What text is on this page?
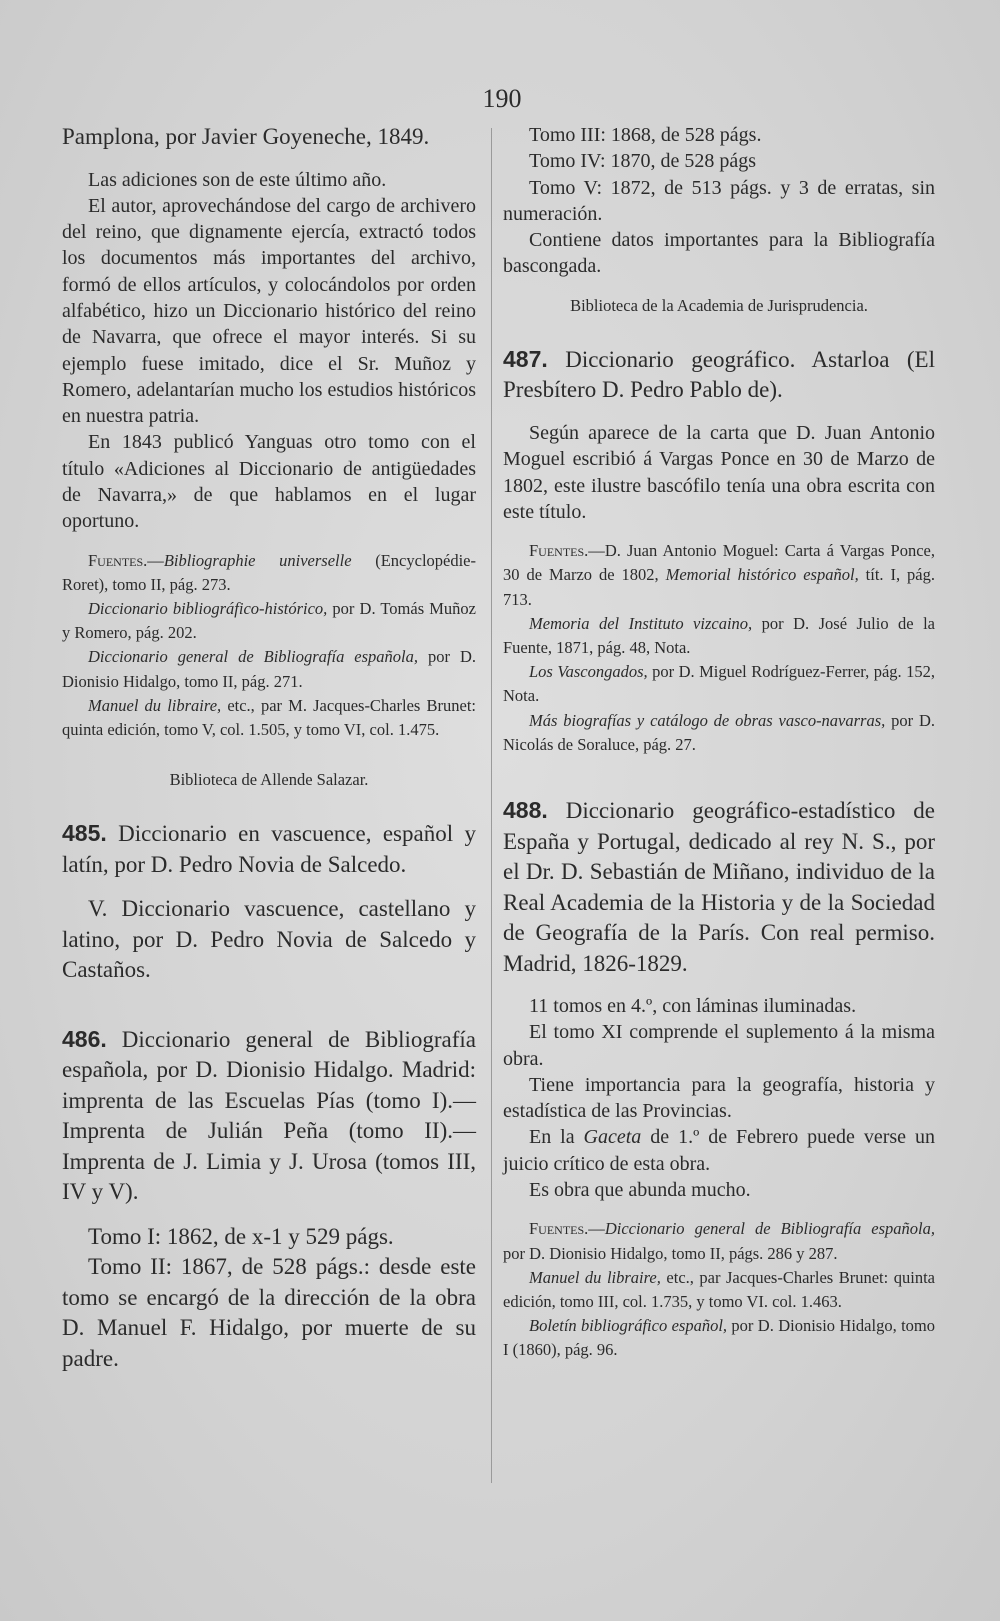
190

Pamplona, por Javier Goyeneche, 1849.

Las adiciones son de este último año.

El autor, aprovechándose del cargo de archivero del reino, que dignamente ejercía, extractó todos los documentos más importantes del archivo, formó de ellos artículos, y colocándolos por orden alfabético, hizo un Diccionario histórico del reino de Navarra, que ofrece el mayor interés. Si su ejemplo fuese imitado, dice el Sr. Muñoz y Romero, adelantarían mucho los estudios históricos en nuestra patria.

En 1843 publicó Yanguas otro tomo con el título «Adiciones al Diccionario de antigüedades de Navarra,» de que hablamos en el lugar oportuno.

Fuentes.—Bibliographie universelle (Encyclopédie-Roret), tomo II, pág. 273.

Diccionario bibliográfico-histórico, por D. Tomás Muñoz y Romero, pág. 202.

Diccionario general de Bibliografía española, por D. Dionisio Hidalgo, tomo II, pág. 271.

Manuel du libraire, etc., par M. Jacques-Charles Brunet: quinta edición, tomo V, col. 1.505, y tomo VI, col. 1.475.

Biblioteca de Allende Salazar.

485. Diccionario en vascuence, español y latín, por D. Pedro Novia de Salcedo.

V. Diccionario vascuence, castellano y latino, por D. Pedro Novia de Salcedo y Castaños.

486. Diccionario general de Bibliografía española, por D. Dionisio Hidalgo. Madrid: imprenta de las Escuelas Pías (tomo I).—Imprenta de Julián Peña (tomo II).—Imprenta de J. Limia y J. Urosa (tomos III, IV y V).

Tomo I: 1862, de x-1 y 529 págs.

Tomo II: 1867, de 528 págs.: desde este tomo se encargó de la dirección de la obra D. Manuel F. Hidalgo, por muerte de su padre.

Tomo III: 1868, de 528 págs.

Tomo IV: 1870, de 528 págs

Tomo V: 1872, de 513 págs. y 3 de erratas, sin numeración.

Contiene datos importantes para la Bibliografía bascongada.

Biblioteca de la Academia de Jurisprudencia.

487. Diccionario geográfico. Astarloa (El Presbítero D. Pedro Pablo de).

Según aparece de la carta que D. Juan Antonio Moguel escribió á Vargas Ponce en 30 de Marzo de 1802, este ilustre bascófilo tenía una obra escrita con este título.

Fuentes.—D. Juan Antonio Moguel: Carta á Vargas Ponce, 30 de Marzo de 1802, Memorial histórico español, tít. I, pág. 713.

Memoria del Instituto vizcaino, por D. José Julio de la Fuente, 1871, pág. 48, Nota.

Los Vascongados, por D. Miguel Rodríguez-Ferrer, pág. 152, Nota.

Más biografías y catálogo de obras vasco-navarras, por D. Nicolás de Soraluce, pág. 27.

488. Diccionario geográfico-estadístico de España y Portugal, dedicado al rey N. S., por el Dr. D. Sebastián de Miñano, individuo de la Real Academia de la Historia y de la Sociedad de Geografía de la París. Con real permiso. Madrid, 1826-1829.

11 tomos en 4.º, con láminas iluminadas.

El tomo XI comprende el suplemento á la misma obra.

Tiene importancia para la geografía, historia y estadística de las Provincias.

En la Gaceta de 1.º de Febrero puede verse un juicio crítico de esta obra.

Es obra que abunda mucho.

Fuentes.—Diccionario general de Bibliografía española, por D. Dionisio Hidalgo, tomo II, págs. 286 y 287.

Manuel du libraire, etc., par Jacques-Charles Brunet: quinta edición, tomo III, col. 1.735, y tomo VI. col. 1.463.

Boletín bibliográfico español, por D. Dionisio Hidalgo, tomo I (1860), pág. 96.
